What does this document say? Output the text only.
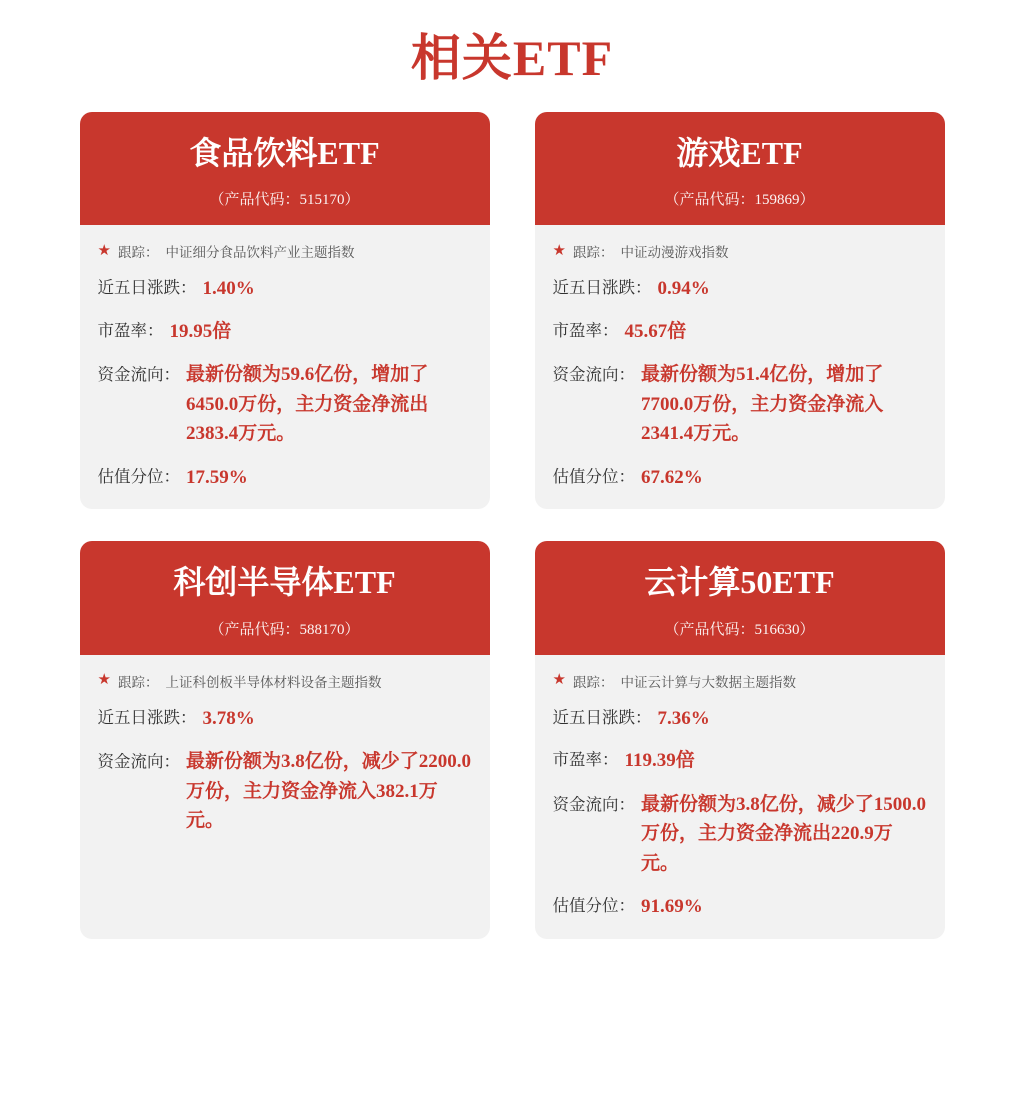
相关ETF
食品饮料ETF
（产品代码：515170）
★ 跟踪： 中证细分食品饮料产业主题指数
近五日涨跌： 1.40%
市盈率： 19.95倍
资金流向： 最新份额为59.6亿份，增加了6450.0万份，主力资金净流出2383.4万元。
估值分位： 17.59%
游戏ETF
（产品代码：159869）
★ 跟踪： 中证动漫游戏指数
近五日涨跌： 0.94%
市盈率： 45.67倍
资金流向： 最新份额为51.4亿份，增加了7700.0万份，主力资金净流入2341.4万元。
估值分位： 67.62%
科创半导体ETF
（产品代码：588170）
★ 跟踪： 上证科创板半导体材料设备主题指数
近五日涨跌： 3.78%
资金流向： 最新份额为3.8亿份，减少了2200.0万份，主力资金净流入382.1万元。
云计算50ETF
（产品代码：516630）
★ 跟踪： 中证云计算与大数据主题指数
近五日涨跌： 7.36%
市盈率： 119.39倍
资金流向： 最新份额为3.8亿份，减少了1500.0万份，主力资金净流出220.9万元。
估值分位： 91.69%
